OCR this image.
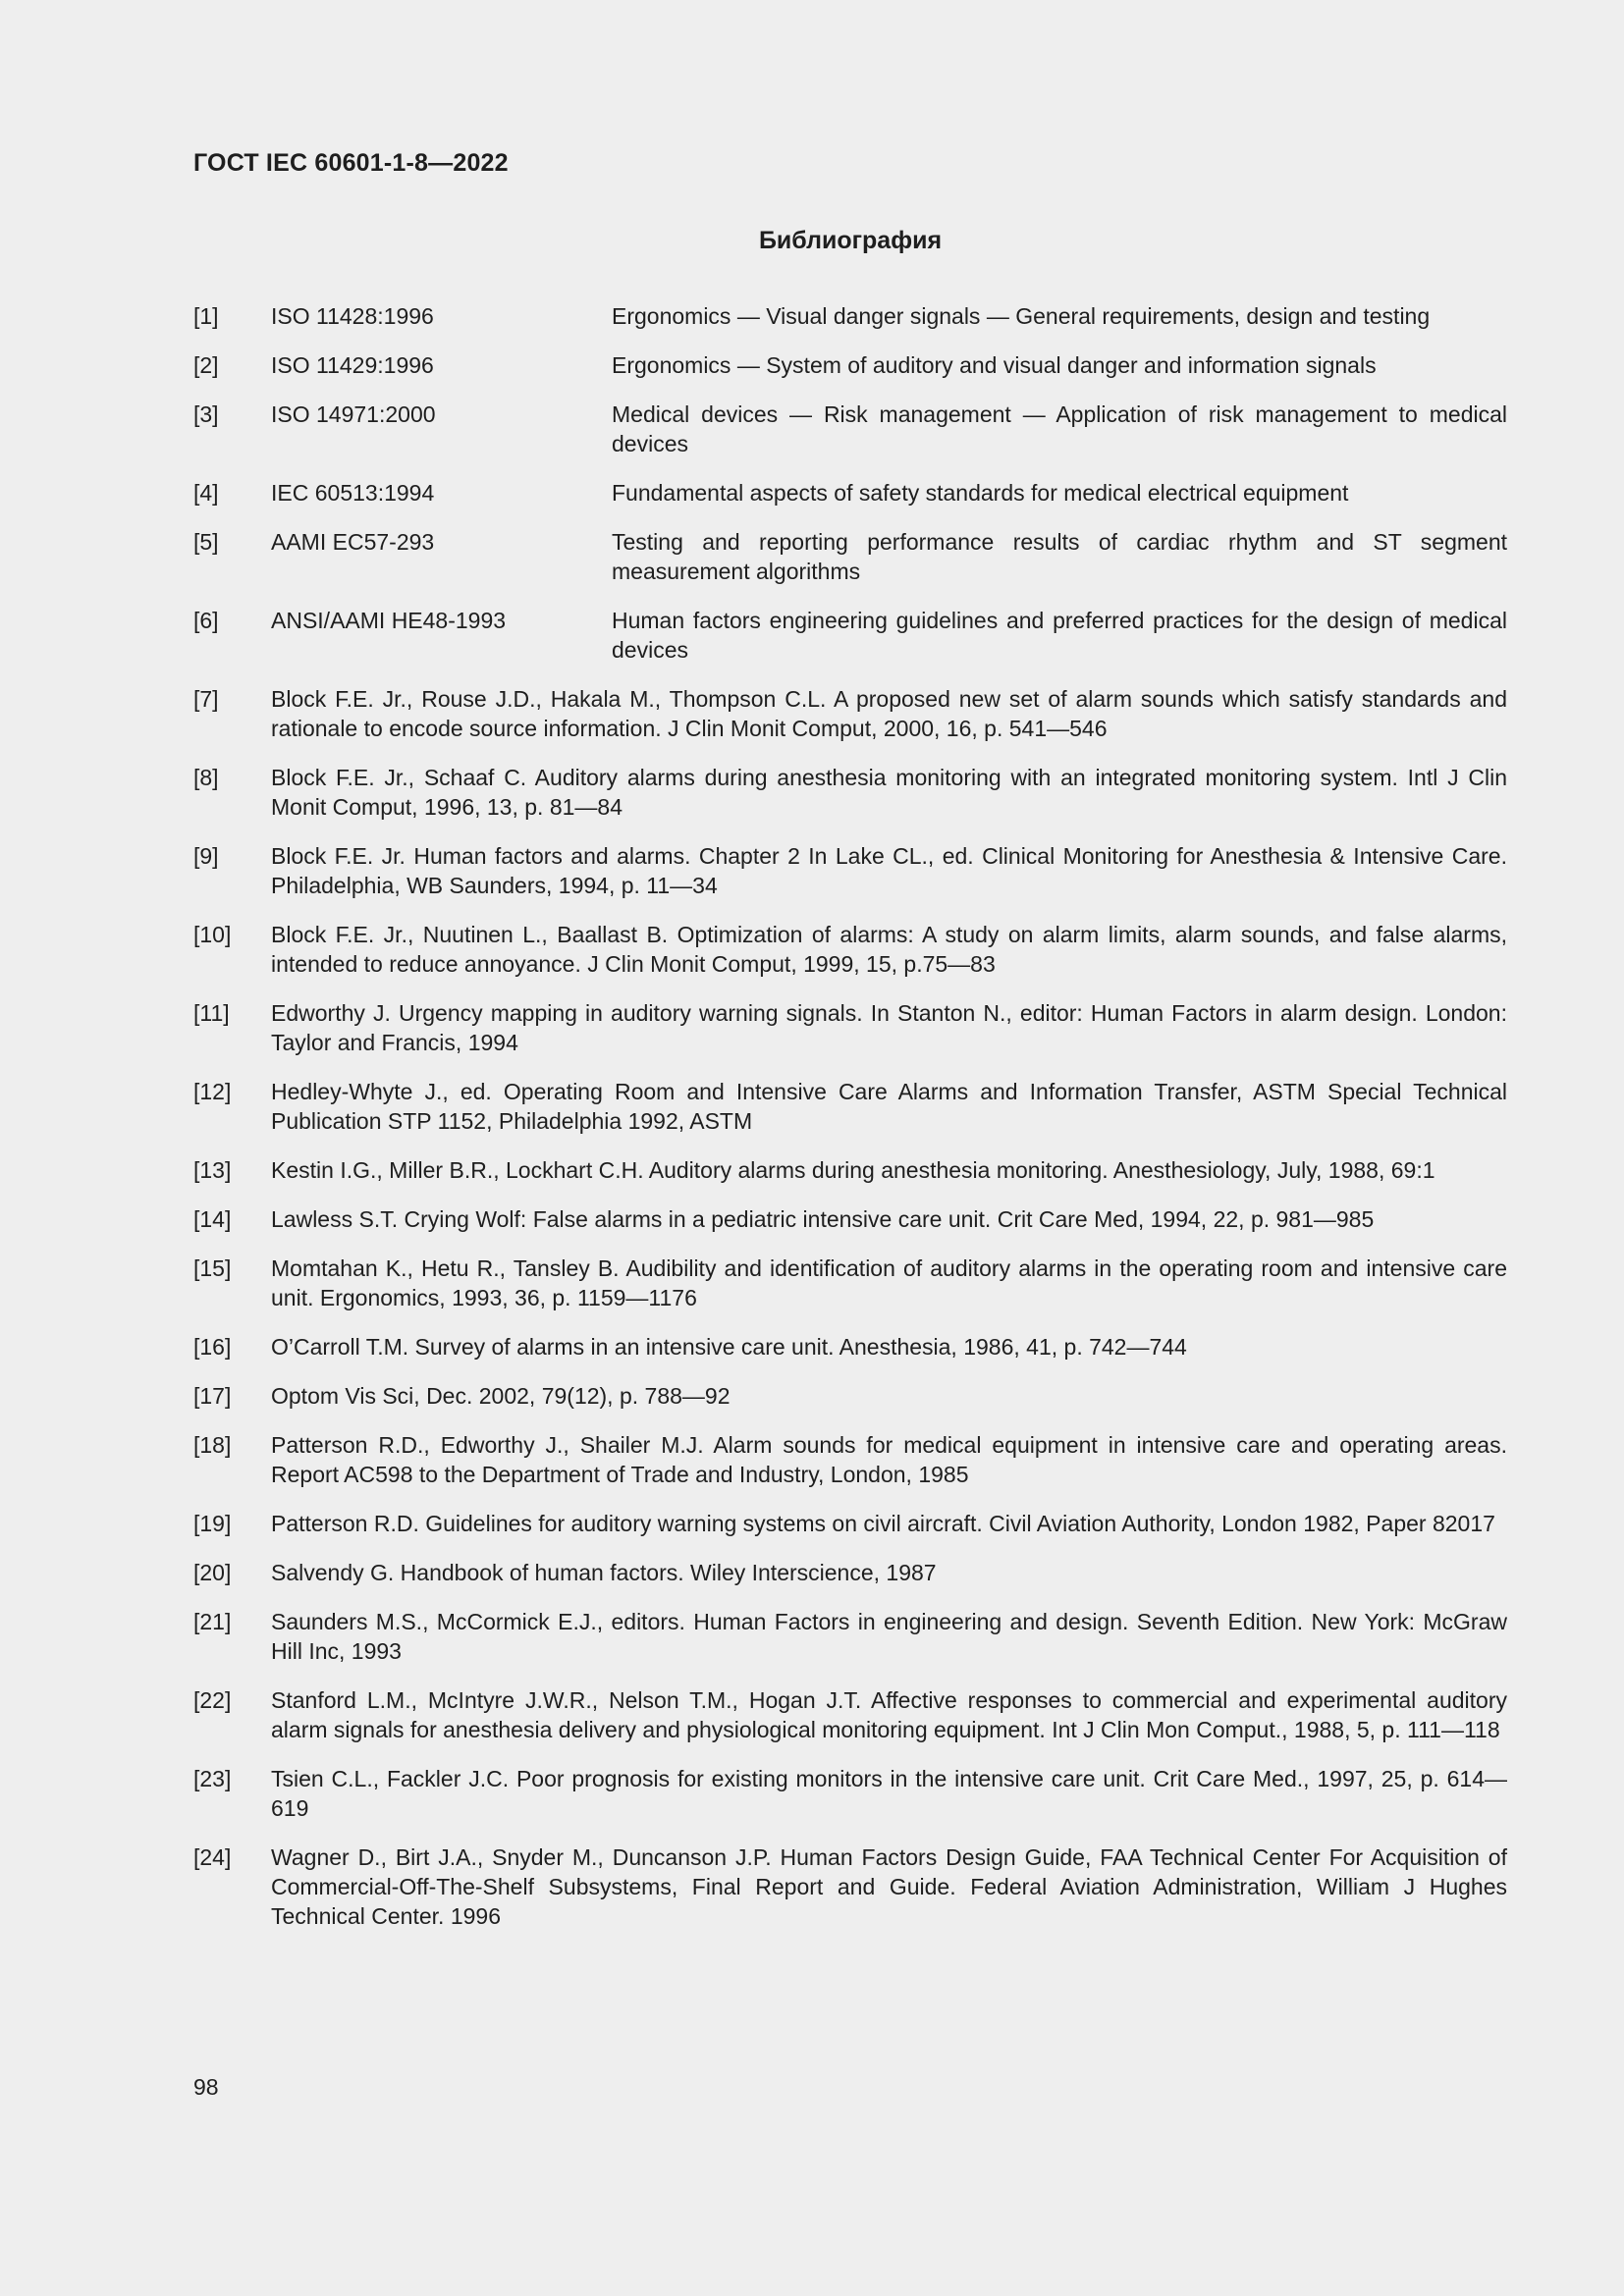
ГОСТ IEC 60601-1-8—2022
Библиография
[1]	ISO 11428:1996	Ergonomics — Visual danger signals — General requirements, design and testing
[2]	ISO 11429:1996	Ergonomics — System of auditory and visual danger and information signals
[3]	ISO 14971:2000	Medical devices — Risk management — Application of risk management to medical devices
[4]	IEC 60513:1994	Fundamental aspects of safety standards for medical electrical equipment
[5]	AAMI EC57-293	Testing and reporting performance results of cardiac rhythm and ST segment measurement algorithms
[6]	ANSI/AAMI HE48-1993	Human factors engineering guidelines and preferred practices for the design of medical devices
[7]	Block F.E. Jr., Rouse J.D., Hakala M., Thompson C.L. A proposed new set of alarm sounds which satisfy standards and rationale to encode source information. J Clin Monit Comput, 2000, 16, p. 541—546
[8]	Block F.E. Jr., Schaaf C. Auditory alarms during anesthesia monitoring with an integrated monitoring system. Intl J Clin Monit Comput, 1996, 13, p. 81—84
[9]	Block F.E. Jr. Human factors and alarms. Chapter 2 In Lake CL., ed. Clinical Monitoring for Anesthesia & Intensive Care. Philadelphia, WB Saunders, 1994, p. 11—34
[10]	Block F.E. Jr., Nuutinen L., Baallast B. Optimization of alarms: A study on alarm limits, alarm sounds, and false alarms, intended to reduce annoyance. J Clin Monit Comput, 1999, 15, p.75—83
[11]	Edworthy J. Urgency mapping in auditory warning signals. In Stanton N., editor: Human Factors in alarm design. London: Taylor and Francis, 1994
[12]	Hedley-Whyte J., ed. Operating Room and Intensive Care Alarms and Information Transfer, ASTM Special Technical Publication STP 1152, Philadelphia 1992, ASTM
[13]	Kestin I.G., Miller B.R., Lockhart C.H. Auditory alarms during anesthesia monitoring. Anesthesiology, July, 1988, 69:1
[14]	Lawless S.T. Crying Wolf: False alarms in a pediatric intensive care unit. Crit Care Med, 1994, 22, p. 981—985
[15]	Momtahan K., Hetu R., Tansley B. Audibility and identification of auditory alarms in the operating room and intensive care unit. Ergonomics, 1993, 36, p. 1159—1176
[16]	O’Carroll T.M. Survey of alarms in an intensive care unit. Anesthesia, 1986, 41, p. 742—744
[17]	Optom Vis Sci, Dec. 2002, 79(12), p. 788—92
[18]	Patterson R.D., Edworthy J., Shailer M.J. Alarm sounds for medical equipment in intensive care and operating areas. Report AC598 to the Department of Trade and Industry, London, 1985
[19]	Patterson R.D. Guidelines for auditory warning systems on civil aircraft. Civil Aviation Authority, London 1982, Paper 82017
[20]	Salvendy G. Handbook of human factors. Wiley Interscience, 1987
[21]	Saunders M.S., McCormick E.J., editors. Human Factors in engineering and design. Seventh Edition. New York: McGraw Hill Inc, 1993
[22]	Stanford L.M., McIntyre J.W.R., Nelson T.M., Hogan J.T. Affective responses to commercial and experimental auditory alarm signals for anesthesia delivery and physiological monitoring equipment. Int J Clin Mon Comput., 1988, 5, p. 111—118
[23]	Tsien C.L., Fackler J.C. Poor prognosis for existing monitors in the intensive care unit. Crit Care Med., 1997, 25, p. 614—619
[24]	Wagner D., Birt J.A., Snyder M., Duncanson J.P. Human Factors Design Guide, FAA Technical Center For Acquisition of Commercial-Off-The-Shelf Subsystems, Final Report and Guide. Federal Aviation Administration, William J Hughes Technical Center. 1996
98
